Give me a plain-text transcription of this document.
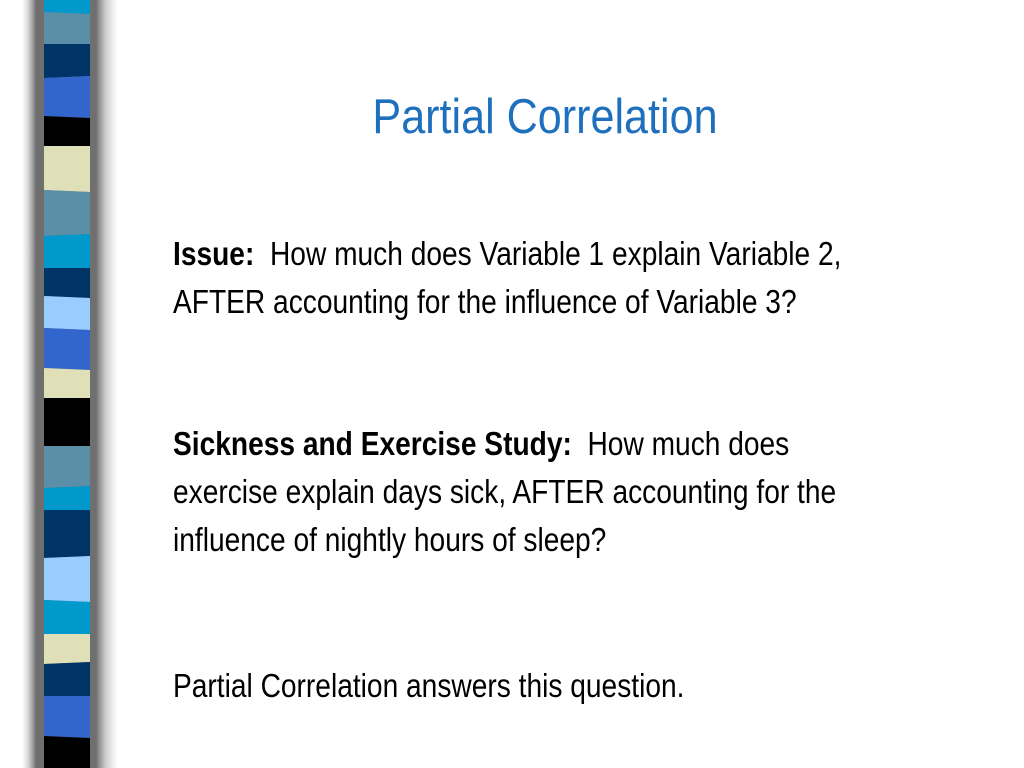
Partial Correlation
Issue: How much does Variable 1 explain Variable 2,
AFTER accounting for the influence of Variable 3?
Sickness and Exercise Study: How much does
exercise explain days sick, AFTER accounting for the
influence of nightly hours of sleep?
Partial Correlation answers this question.
